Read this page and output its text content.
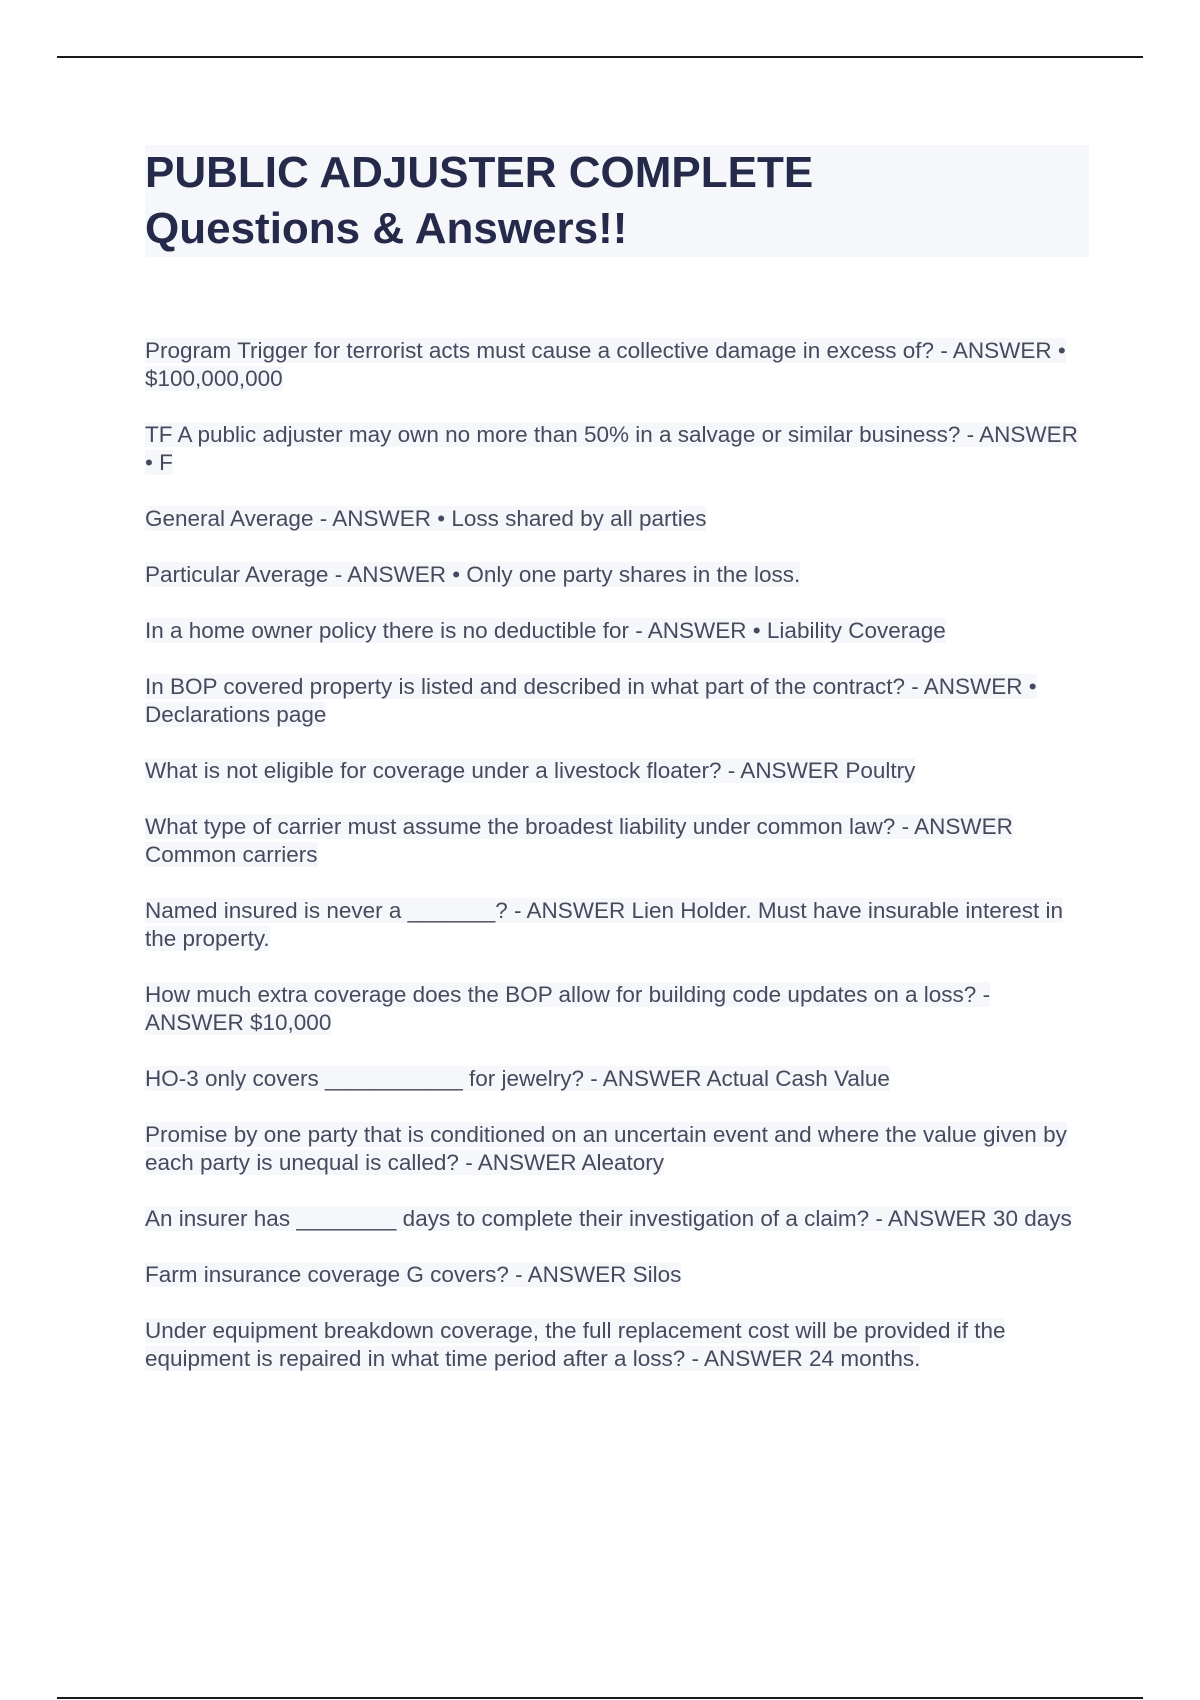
PUBLIC ADJUSTER COMPLETE
Questions & Answers!!

Program Trigger for terrorist acts must cause a collective damage in excess of? - ANSWER • $100,000,000

TF A public adjuster may own no more than 50% in a salvage or similar business? - ANSWER • F

General Average - ANSWER • Loss shared by all parties

Particular Average - ANSWER • Only one party shares in the loss.

In a home owner policy there is no deductible for - ANSWER • Liability Coverage

In BOP covered property is listed and described in what part of the contract? - ANSWER • Declarations page

What is not eligible for coverage under a livestock floater? - ANSWER Poultry

What type of carrier must assume the broadest liability under common law? - ANSWER Common carriers

Named insured is never a _______? - ANSWER Lien Holder. Must have insurable interest in the property.

How much extra coverage does the BOP allow for building code updates on a loss? - ANSWER $10,000

HO-3 only covers ___________ for jewelry? - ANSWER Actual Cash Value

Promise by one party that is conditioned on an uncertain event and where the value given by each party is unequal is called? - ANSWER Aleatory

An insurer has ________ days to complete their investigation of a claim? - ANSWER 30 days

Farm insurance coverage G covers? - ANSWER Silos

Under equipment breakdown coverage, the full replacement cost will be provided if the equipment is repaired in what time period after a loss? - ANSWER 24 months.
